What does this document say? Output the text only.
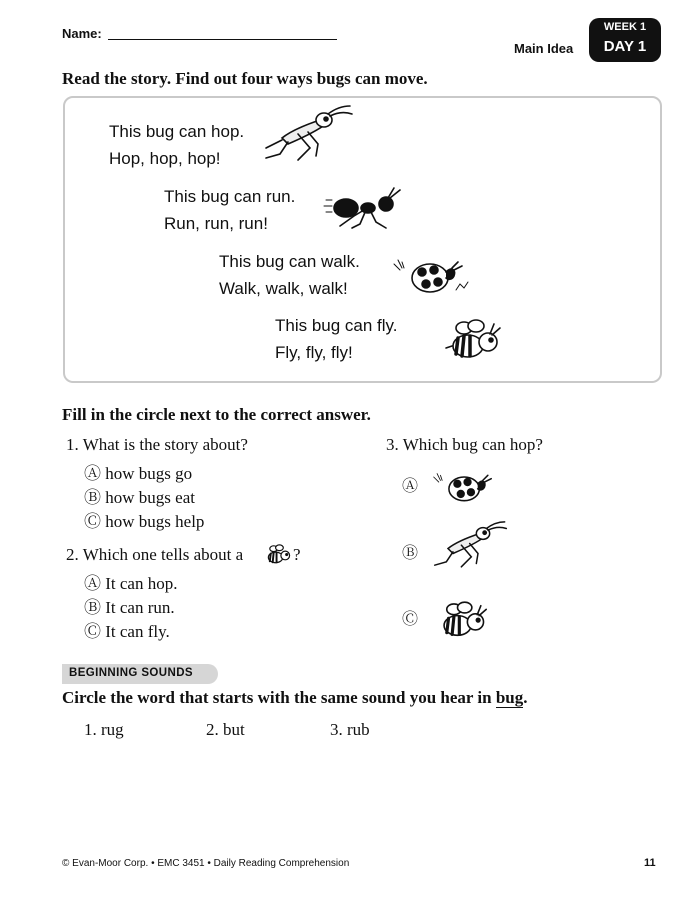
Name:
Main Idea
WEEK 1
DAY 1
Read the story. Find out four ways bugs can move.
This bug can hop.
Hop, hop, hop!
This bug can run.
Run, run, run!
This bug can walk.
Walk, walk, walk!
This bug can fly.
Fly, fly, fly!
Fill in the circle next to the correct answer.
1. What is the story about?
Ⓐ how bugs go
Ⓑ how bugs eat
Ⓒ how bugs help
2. Which one tells about a	?
Ⓐ It can hop.
Ⓑ It can run.
Ⓒ It can fly.
3. Which bug can hop?
Ⓐ
Ⓑ
Ⓒ
BEGINNING SOUNDS
Circle the word that starts with the same sound you hear in bug.
1. rug	2. but	3. rub
© Evan-Moor Corp. • EMC 3451 • Daily Reading Comprehension	11
